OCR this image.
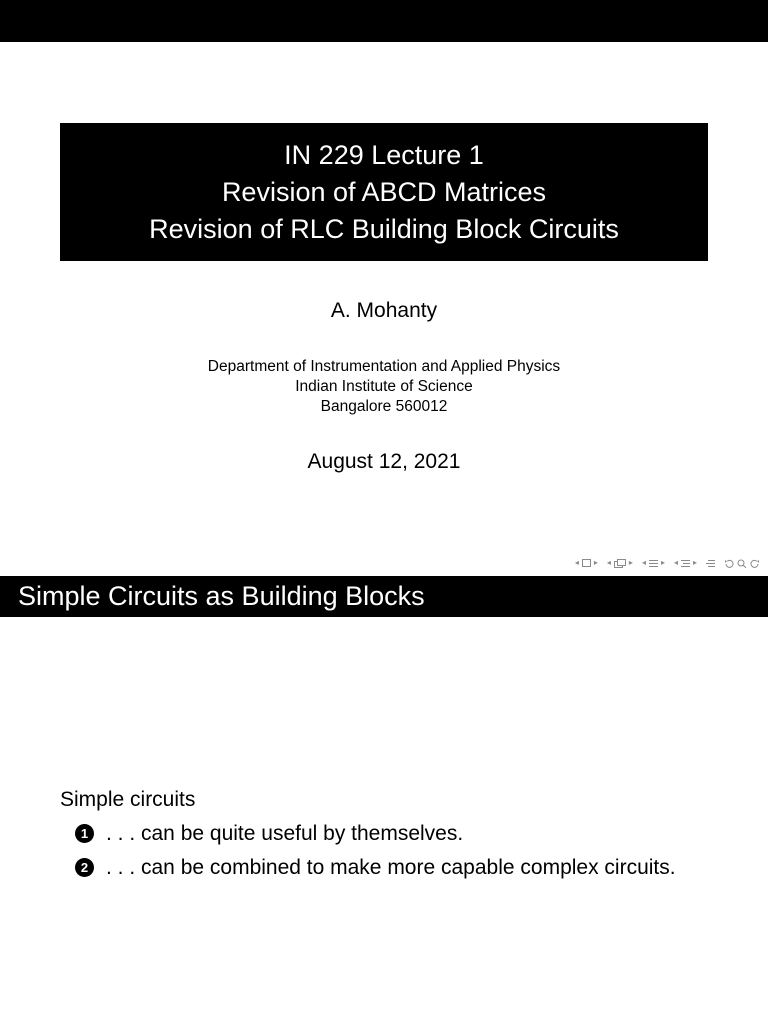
IN 229 Lecture 1
Revision of ABCD Matrices
Revision of RLC Building Block Circuits
A. Mohanty
Department of Instrumentation and Applied Physics
Indian Institute of Science
Bangalore 560012
August 12, 2021
◂ ▸ ◂ ▸ ◂ ▸ ◂ ▸
Simple Circuits as Building Blocks
Simple circuits
1 . . . can be quite useful by themselves.
2 . . . can be combined to make more capable complex circuits.
